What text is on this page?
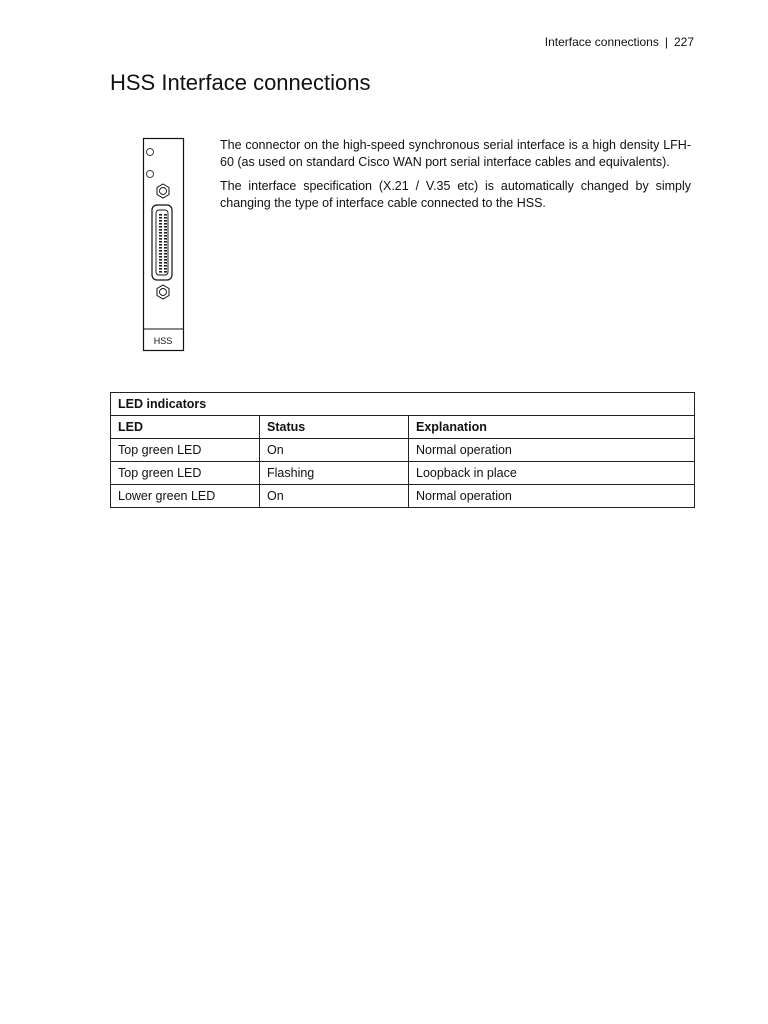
Interface connections | 227
HSS Interface connections
HSS

The connector on the high-speed synchronous serial interface is a high density LFH-60 (as used on standard Cisco WAN port serial interface cables and equivalents).

The interface specification (X.21 / V.35 etc) is automatically changed by simply changing the type of interface cable connected to the HSS.

LED indicators		
LED	Status	Explanation
Top green LED	On	Normal operation
Top green LED	Flashing	Loopback in place
Lower green LED	On	Normal operation
